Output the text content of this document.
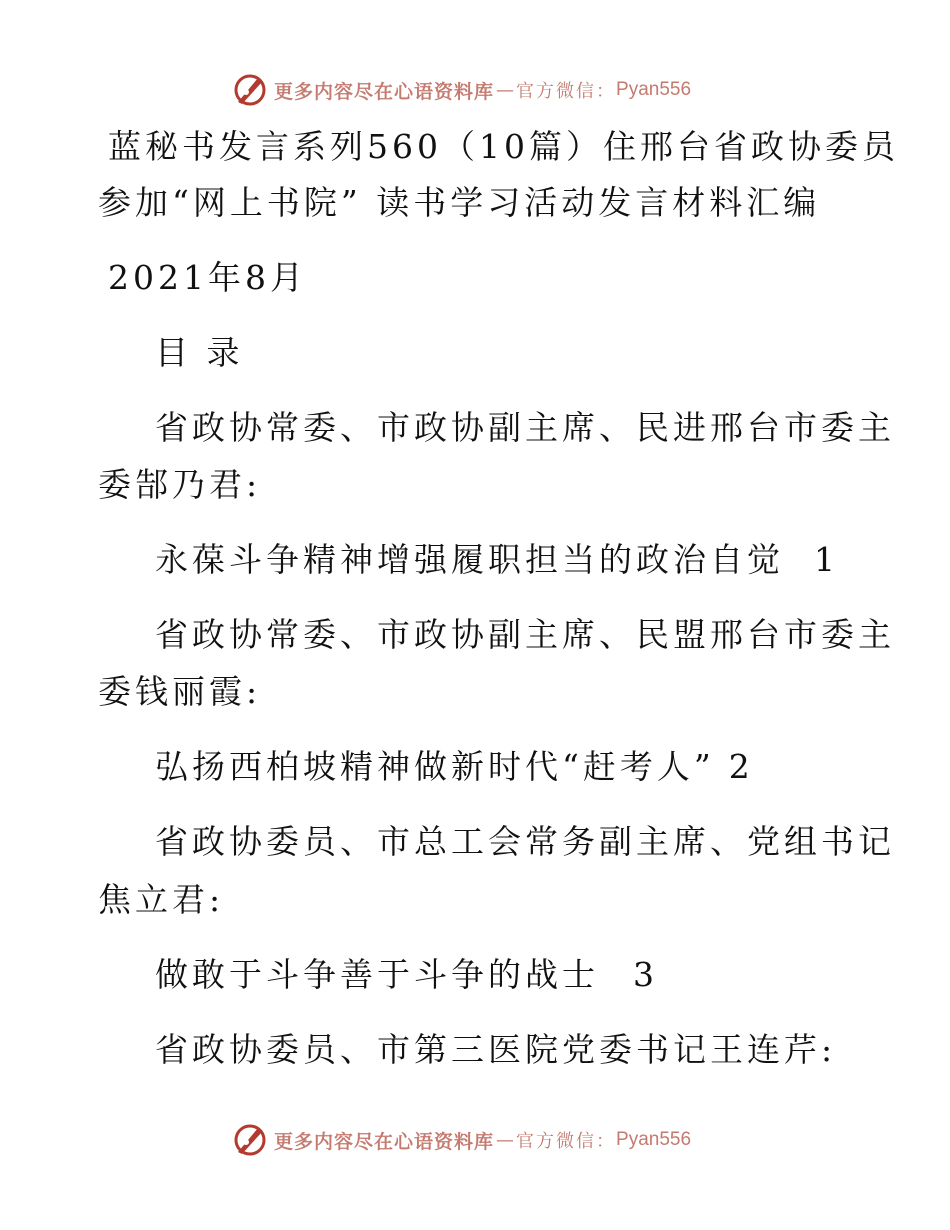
更多内容尽在心语资料库 — 官方微信： Pyan556
蓝秘书发言系列560（10篇）住邢台省政协委员
参加“网上书院” 读书学习活动发言材料汇编
2021年8月
目 录
省政协常委、市政协副主席、民进邢台市委主
委郜乃君:
永葆斗争精神增强履职担当的政治自觉 1
省政协常委、市政协副主席、民盟邢台市委主
委钱丽霞:
弘扬西柏坡精神做新时代“赶考人” 2
省政协委员、市总工会常务副主席、党组书记
焦立君:
做敢于斗争善于斗争的战士 3
省政协委员、市第三医院党委书记王连芹:
更多内容尽在心语资料库 — 官方微信： Pyan556
